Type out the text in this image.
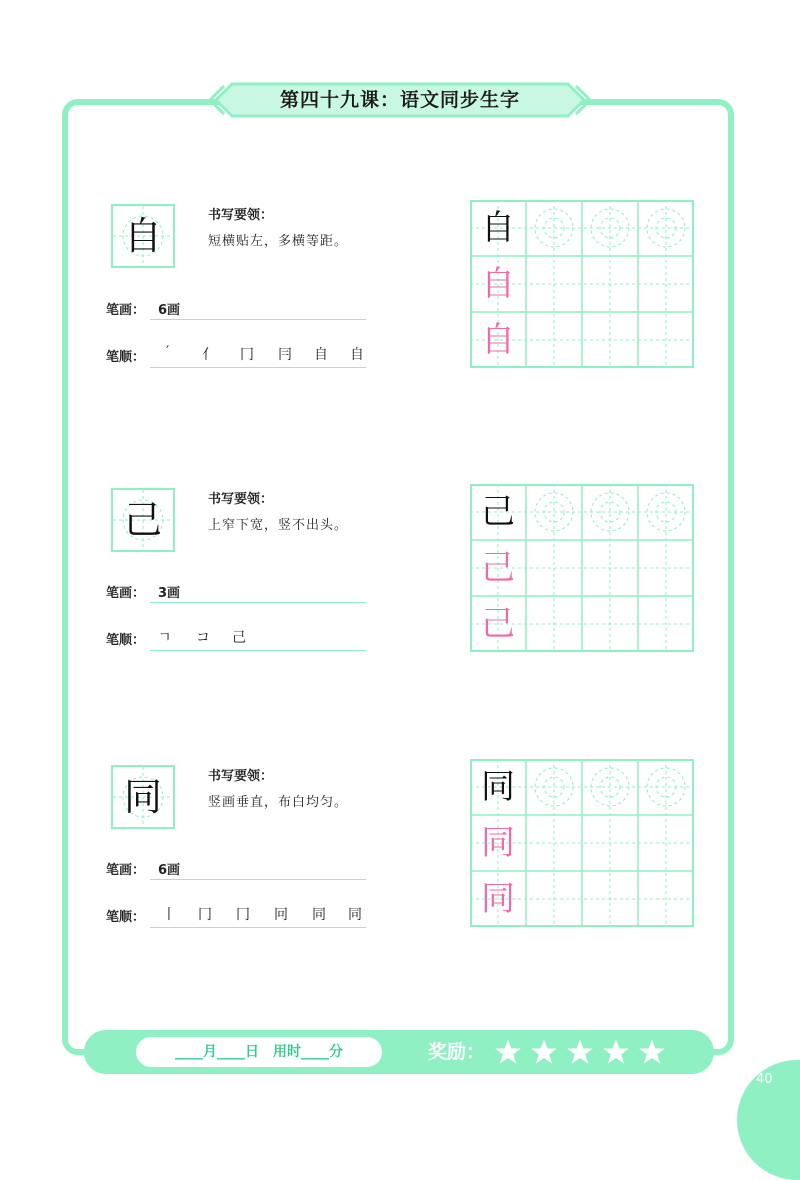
第四十九课：语文同步生字
自	书写要领：
短横贴左，多横等距。
笔画： 6画
笔顺： ′ 亻 冂 冃 自 自
自
自
自
己	书写要领：
上窄下宽，竖不出头。
笔画： 3画
笔顺： ㄱ コ 己
己
己
己
同	书写要领：
竖画垂直，布白均匀。
笔画： 6画
笔顺： 丨 冂 冂 冋 同 同
同
同
同
____月____日　用时____分	奖励：
40
